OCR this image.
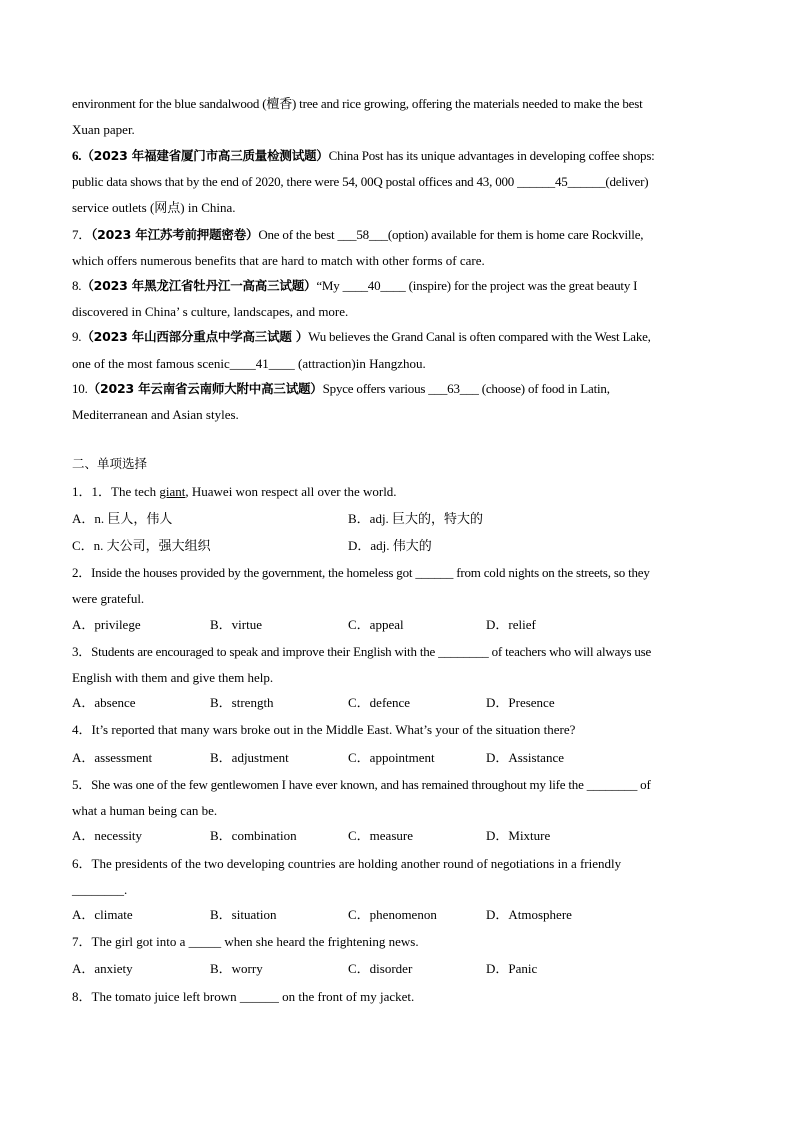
environment for the blue sandalwood (檀香) tree and rice growing, offering the materials needed to make the best
Xuan paper.
6.（2023 年福建省厦门市高三质量检测试题）China Post has its unique advantages in developing coffee shops:
public data shows that by the end of 2020, there were 54, 00Q postal offices and 43, 000 ______45______(deliver)
service outlets (网点) in China.
7．（2023 年江苏考前押题密卷）One of the best ___58___(option) available for them is home care Rockville,
which offers numerous benefits that are hard to match with other forms of care.
8.（2023 年黑龙江省牡丹江一高高三试题）“My ____40____ (inspire) for the project was the great beauty I
discovered in China’ s culture, landscapes, and more.
9.（2023 年山西部分重点中学高三试题 ）Wu believes the Grand Canal is often compared with the West Lake,
one of the most famous scenic____41____ (attraction)in Hangzhou.
10.（2023 年云南省云南师大附中高三试题）Spyce offers various ___63___ (choose) of food in Latin,
Mediterranean and Asian styles.
二、单项选择
1．1．The tech giant, Huawei won respect all over the world.
A．n. 巨人，伟人	B．adj. 巨大的，特大的
C．n. 大公司，强大组织	D．adj. 伟大的
2．Inside the houses provided by the government, the homeless got ______ from cold nights on the streets, so they
were grateful.
A．privilege	B．virtue	C．appeal	D．relief
3．Students are encouraged to speak and improve their English with the ________ of teachers who will always use
English with them and give them help.
A．absence	B．strength	C．defence	D．Presence
4．It’s reported that many wars broke out in the Middle East. What’s your of the situation there?
A．assessment	B．adjustment	C．appointment	D．Assistance
5．She was one of the few gentlewomen I have ever known, and has remained throughout my life the ________ of
what a human being can be.
A．necessity	B．combination	C．measure	D．Mixture
6．The presidents of the two developing countries are holding another round of negotiations in a friendly
________.
A．climate	B．situation	C．phenomenon	D．Atmosphere
7．The girl got into a _____ when she heard the frightening news.
A．anxiety	B．worry	C．disorder	D．Panic
8．The tomato juice left brown ______ on the front of my jacket.
